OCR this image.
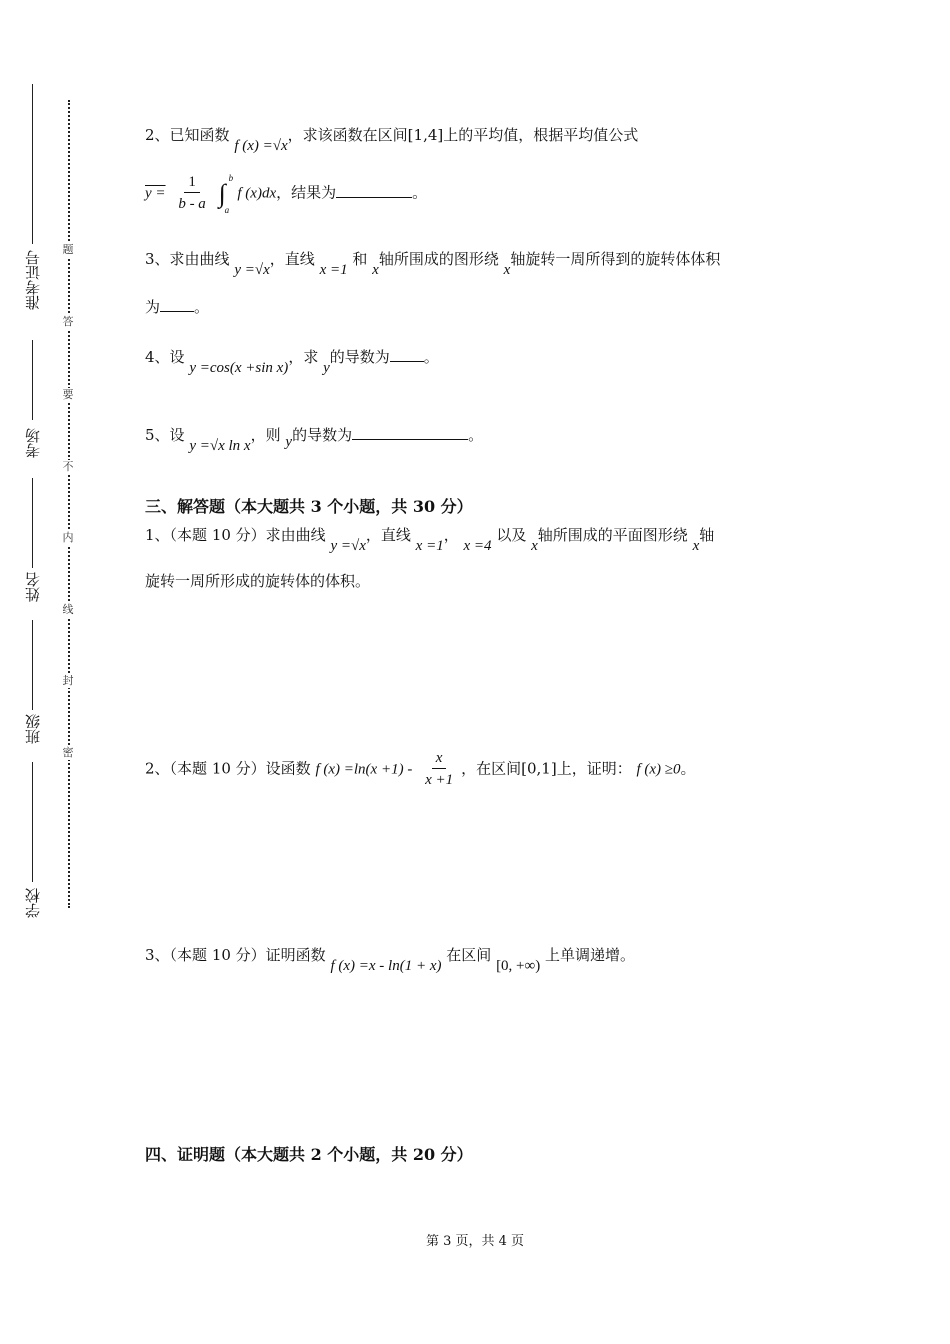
准考证号
考场
姓名
班级
学校
题
答
要
不
内
线
封
密
2、已知函数 f (x) =√x，求该函数在区间[1,4]上的平均值，根据平均值公式
$y = \frac{1}{b - a}$ ∫
b
a
f (x)dx，结果为	。
3、求由曲线 y =√x，直线 x =1 和 x轴所围成的图形绕 x轴旋转一周所得到的旋转体体积
为 。
4、设 y =cos(x +sin x)，求 y的导数为 。
5、设 y =√x ln x，则 y的导数为	。
三、解答题（本大题共 3 个小题，共 30 分）
1、（本题 10 分）求由曲线 y =√x，直线 x =1， x =4 以及 x轴所围成的平面图形绕 x轴
旋转一周所形成的旋转体的体积。
2、（本题 10 分）设函数 f $(x) =\ln(x +1) - \frac{x}{x +1}$ ，在区间[0,1]上，证明： f (x) ≥0。
3、（本题 10 分）证明函数 f (x) =x - ln(1 + x) 在区间 [0, +∞) 上单调递增。
四、证明题（本大题共 2 个小题，共 20 分）
第 3 页，共 4 页
